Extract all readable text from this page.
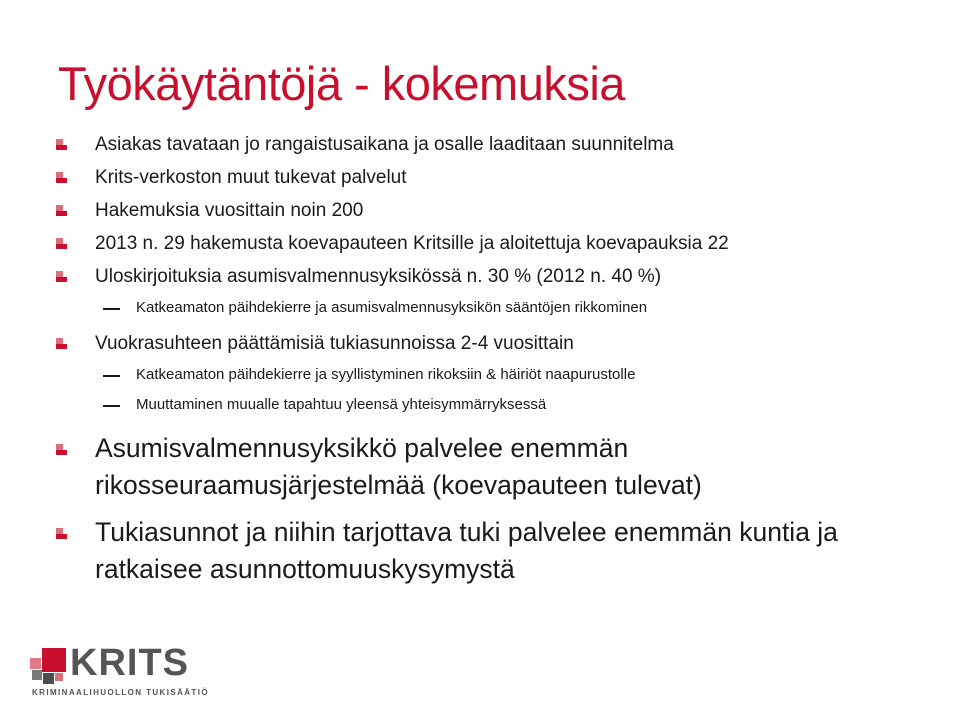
Työkäytäntöjä - kokemuksia
Asiakas tavataan jo rangaistusaikana ja osalle laaditaan suunnitelma
Krits-verkoston muut tukevat palvelut
Hakemuksia vuosittain noin 200
2013 n. 29 hakemusta koevapauteen Kritsille ja aloitettuja koevapauksia 22
Uloskirjoituksia asumisvalmennusyksikössä n. 30 % (2012 n. 40 %)
Katkeamaton päihdekierre ja asumisvalmennusyksikön sääntöjen rikkominen
Vuokrasuhteen päättämisiä tukiasunnoissa 2-4 vuosittain
Katkeamaton päihdekierre ja syyllistyminen rikoksiin & häiriöt naapurustolle
Muuttaminen muualle tapahtuu yleensä yhteisymmärryksessä
Asumisvalmennusyksikkö palvelee enemmän rikosseuraamusjärjestelmää (koevapauteen tulevat)
Tukiasunnot ja niihin tarjottava tuki palvelee enemmän kuntia ja ratkaisee asunnottomuuskysymystä
KRITS
KRIMINAALIHUOLLON TUKISÄÄTIÖ
